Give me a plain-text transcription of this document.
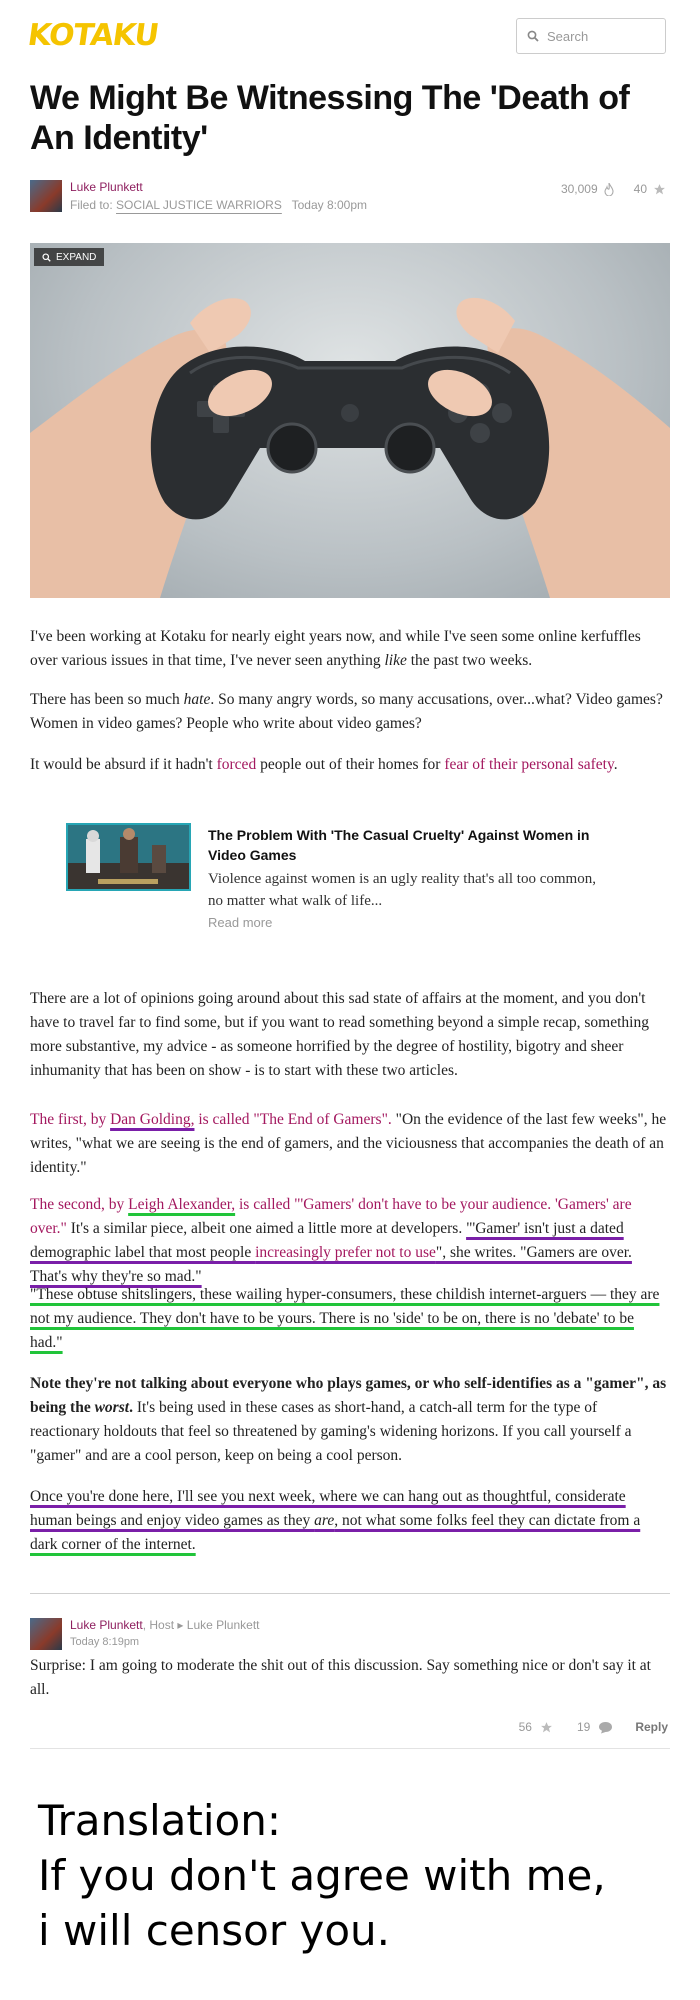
KOTAKU	Search
We Might Be Witnessing The 'Death of An Identity'
Luke Plunkett
Filed to: SOCIAL JUSTICE WARRIORS Today 8:00pm
30,009	40
EXPAND

I've been working at Kotaku for nearly eight years now, and while I've seen some online kerfuffles over various issues in that time, I've never seen anything like the past two weeks.

There has been so much hate. So many angry words, so many accusations, over...what? Video games? Women in video games? People who write about video games?

It would be absurd if it hadn't forced people out of their homes for fear of their personal safety.

The Problem With 'The Casual Cruelty' Against Women in Video Games
Violence against women is an ugly reality that's all too common, no matter what walk of life...
Read more

There are a lot of opinions going around about this sad state of affairs at the moment, and you don't have to travel far to find some, but if you want to read something beyond a simple recap, something more substantive, my advice - as someone horrified by the degree of hostility, bigotry and sheer inhumanity that has been on show - is to start with these two articles.

The first, by Dan Golding, is called "The End of Gamers". "On the evidence of the last few weeks", he writes, "what we are seeing is the end of gamers, and the viciousness that accompanies the death of an identity."

The second, by Leigh Alexander, is called "'Gamers' don't have to be your audience. 'Gamers' are over." It's a similar piece, albeit one aimed a little more at developers. "'Gamer' isn't just a dated demographic label that most people increasingly prefer not to use", she writes. "Gamers are over. That's why they're so mad."

"These obtuse shitslingers, these wailing hyper-consumers, these childish internet-arguers — they are not my audience. They don't have to be yours. There is no 'side' to be on, there is no 'debate' to be had."

Note they're not talking about everyone who plays games, or who self-identifies as a "gamer", as being the worst. It's being used in these cases as short-hand, a catch-all term for the type of reactionary holdouts that feel so threatened by gaming's widening horizons. If you call yourself a "gamer" and are a cool person, keep on being a cool person.

Once you're done here, I'll see you next week, where we can hang out as thoughtful, considerate human beings and enjoy video games as they are, not what some folks feel they can dictate from a dark corner of the internet.

Luke Plunkett, Host ▸ Luke Plunkett
Today 8:19pm

Surprise: I am going to moderate the shit out of this discussion. Say something nice or don't say it at all.

56	19	Reply
Translation:
If you don't agree with me,
i will censor you.
